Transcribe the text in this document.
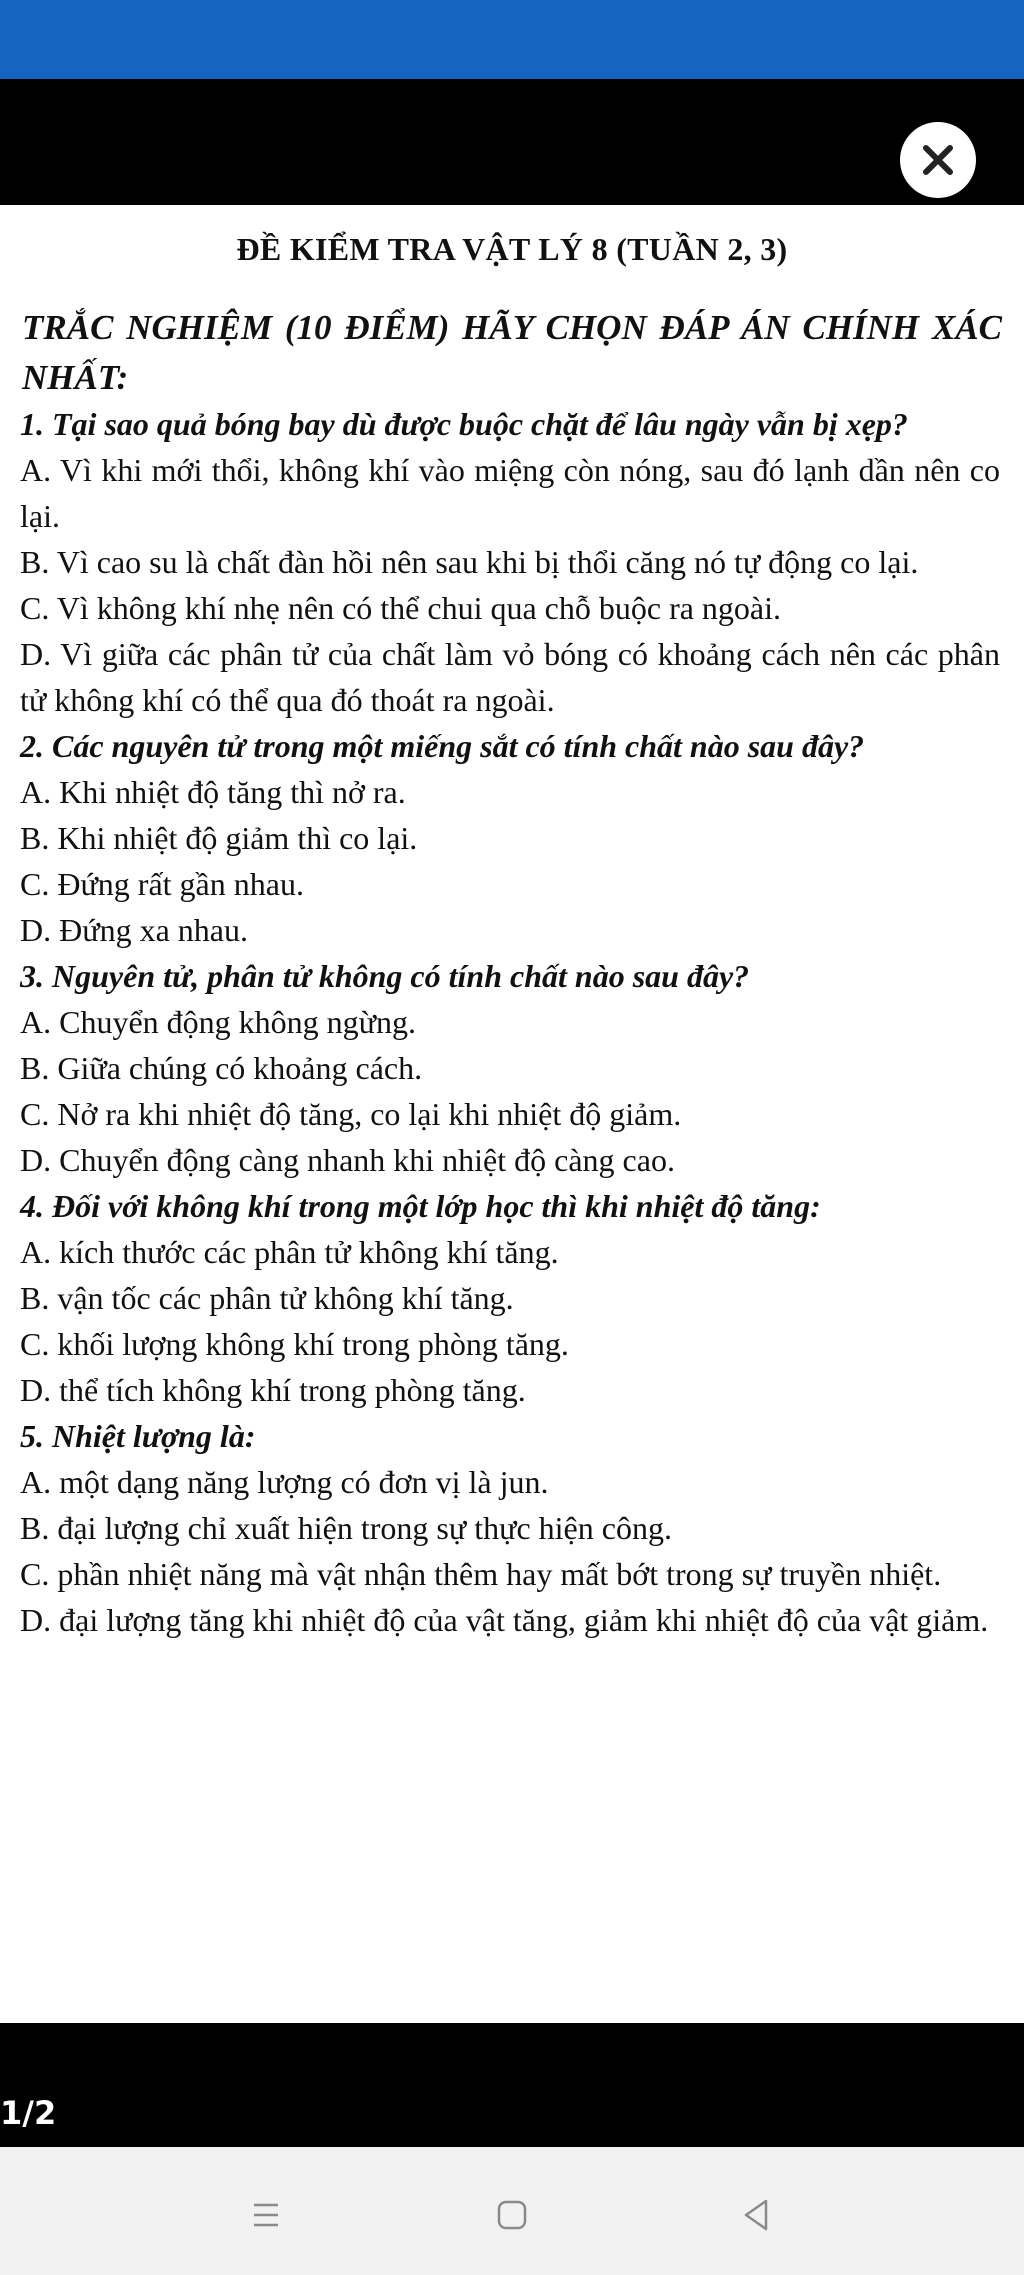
ĐỀ KIỂM TRA VẬT LÝ 8 (TUẦN 2, 3)
TRẮC NGHIỆM (10 ĐIỂM) HÃY CHỌN ĐÁP ÁN CHÍNH XÁC NHẤT:
1. Tại sao quả bóng bay dù được buộc chặt để lâu ngày vẫn bị xẹp?
A. Vì khi mới thổi, không khí vào miệng còn nóng, sau đó lạnh dần nên co lại.
B. Vì cao su là chất đàn hồi nên sau khi bị thổi căng nó tự động co lại.
C. Vì không khí nhẹ nên có thể chui qua chỗ buộc ra ngoài.
D. Vì giữa các phân tử của chất làm vỏ bóng có khoảng cách nên các phân tử không khí có thể qua đó thoát ra ngoài.
2. Các nguyên tử trong một miếng sắt có tính chất nào sau đây?
A. Khi nhiệt độ tăng thì nở ra.
B. Khi nhiệt độ giảm thì co lại.
C. Đứng rất gần nhau.
D. Đứng xa nhau.
3. Nguyên tử, phân tử không có tính chất nào sau đây?
A. Chuyển động không ngừng.
B. Giữa chúng có khoảng cách.
C. Nở ra khi nhiệt độ tăng, co lại khi nhiệt độ giảm.
D. Chuyển động càng nhanh khi nhiệt độ càng cao.
4. Đối với không khí trong một lớp học thì khi nhiệt độ tăng:
A. kích thước các phân tử không khí tăng.
B. vận tốc các phân tử không khí tăng.
C. khối lượng không khí trong phòng tăng.
D. thể tích không khí trong phòng tăng.
5. Nhiệt lượng là:
A. một dạng năng lượng có đơn vị là jun.
B. đại lượng chỉ xuất hiện trong sự thực hiện công.
C. phần nhiệt năng mà vật nhận thêm hay mất bớt trong sự truyền nhiệt.
D. đại lượng tăng khi nhiệt độ của vật tăng, giảm khi nhiệt độ của vật giảm.
1/2
